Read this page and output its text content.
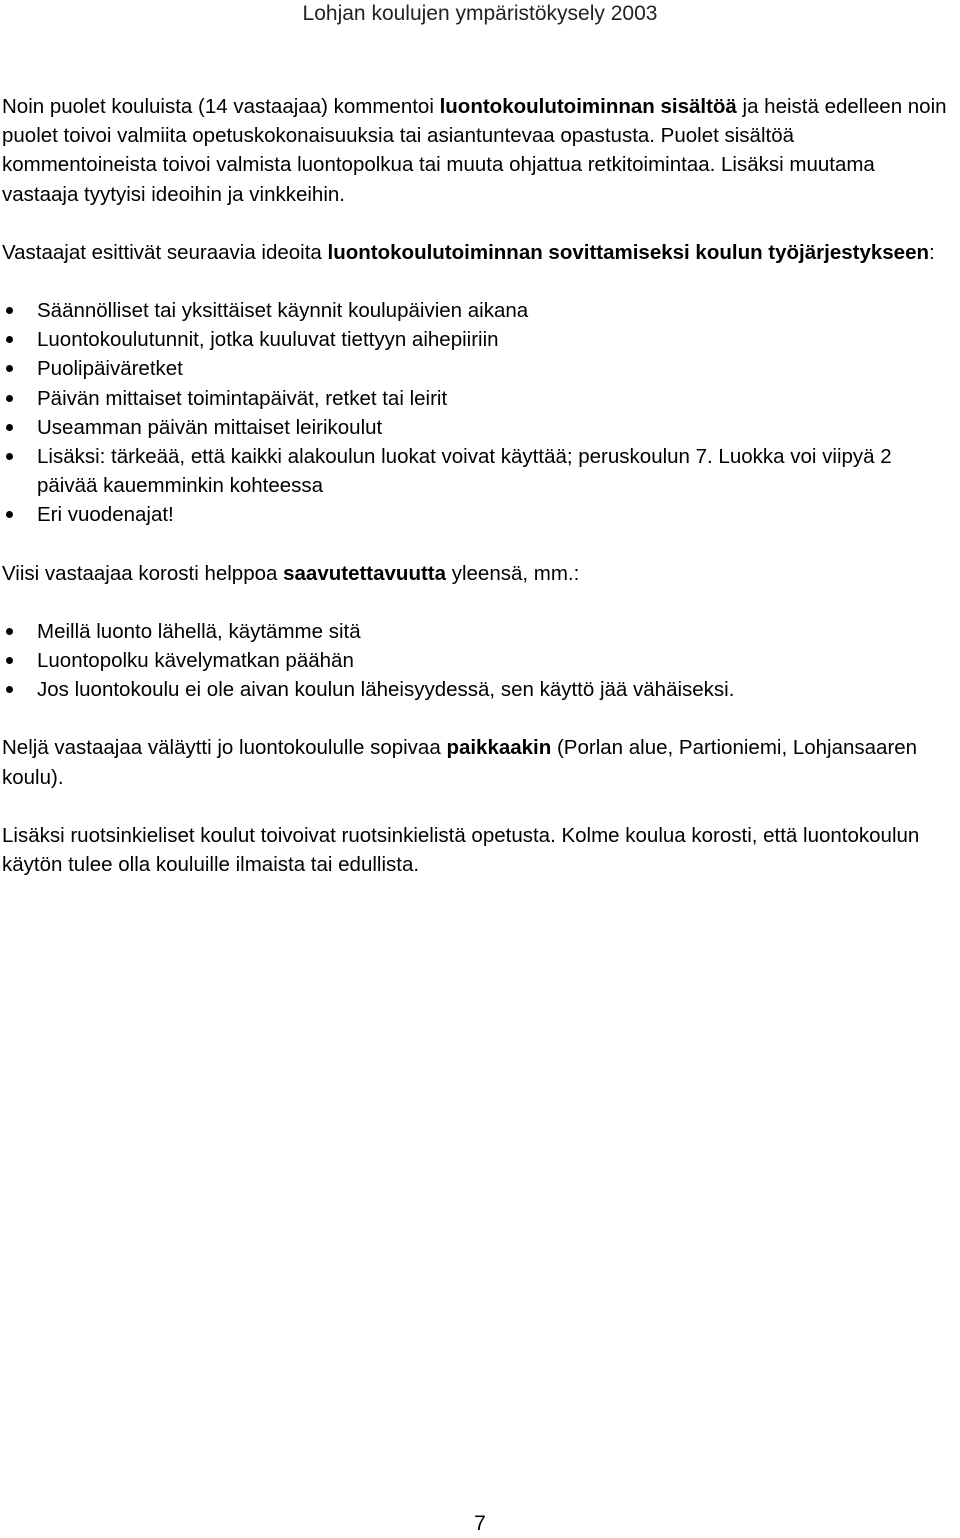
Lohjan koulujen ympäristökysely 2003

Noin puolet kouluista (14 vastaajaa) kommentoi luontokoulutoiminnan sisältöä ja heistä edelleen noin puolet toivoi valmiita opetuskokonaisuuksia tai asiantuntevaa opastusta. Puolet sisältöä kommentoineista toivoi valmista luontopolkua tai muuta ohjattua retkitoimintaa. Lisäksi muutama vastaaja tyytyisi ideoihin ja vinkkeihin.

Vastaajat esittivät seuraavia ideoita luontokoulutoiminnan sovittamiseksi koulun työjärjestykseen:

Säännölliset tai yksittäiset käynnit koulupäivien aikana
Luontokoulutunnit, jotka kuuluvat tiettyyn aihepiiriin
Puolipäiväretket
Päivän mittaiset toimintapäivät, retket tai leirit
Useamman päivän mittaiset leirikoulut
Lisäksi: tärkeää, että kaikki alakoulun luokat voivat käyttää; peruskoulun 7. Luokka voi viipyä 2 päivää kauemminkin kohteessa
Eri vuodenajat!

Viisi vastaajaa korosti helppoa saavutettavuutta yleensä, mm.:

Meillä luonto lähellä, käytämme sitä
Luontopolku kävelymatkan päähän
Jos luontokoulu ei ole aivan koulun läheisyydessä, sen käyttö jää vähäiseksi.

Neljä vastaajaa väläytti jo luontokoululle sopivaa paikkaakin (Porlan alue, Partioniemi, Lohjansaaren koulu).

Lisäksi ruotsinkieliset koulut toivoivat ruotsinkielistä opetusta. Kolme koulua korosti, että luontokoulun käytön tulee olla kouluille ilmaista tai edullista.

7
